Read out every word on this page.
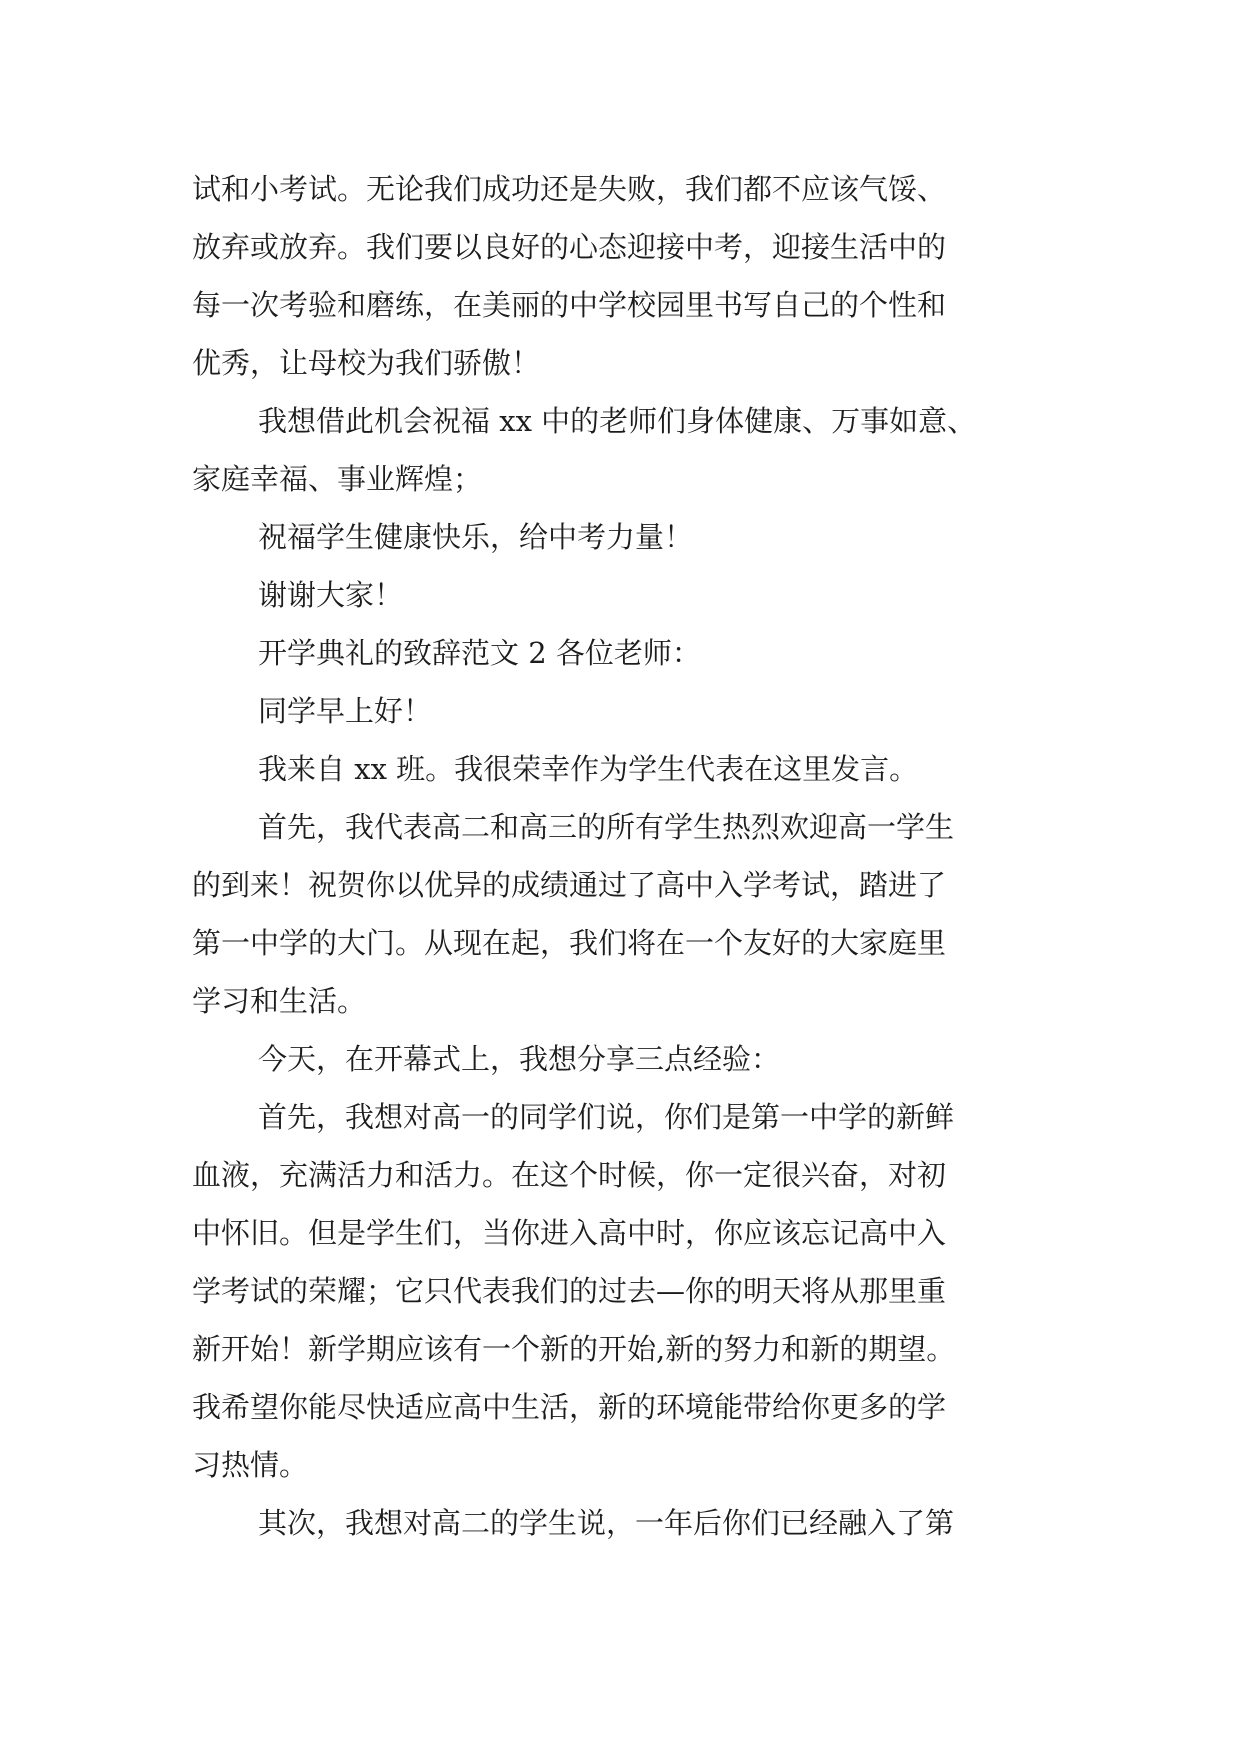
试和小考试。无论我们成功还是失败，我们都不应该气馁、
放弃或放弃。我们要以良好的心态迎接中考，迎接生活中的
每一次考验和磨练，在美丽的中学校园里书写自己的个性和
优秀，让母校为我们骄傲！

我想借此机会祝福 xx 中的老师们身体健康、万事如意、
家庭幸福、事业辉煌；

祝福学生健康快乐，给中考力量！

谢谢大家！

开学典礼的致辞范文 2 各位老师：

同学早上好！

我来自 xx 班。我很荣幸作为学生代表在这里发言。

首先，我代表高二和高三的所有学生热烈欢迎高一学生
的到来！祝贺你以优异的成绩通过了高中入学考试，踏进了
第一中学的大门。从现在起，我们将在一个友好的大家庭里
学习和生活。

今天，在开幕式上，我想分享三点经验：

首先，我想对高一的同学们说，你们是第一中学的新鲜
血液，充满活力和活力。在这个时候，你一定很兴奋，对初
中怀旧。但是学生们，当你进入高中时，你应该忘记高中入
学考试的荣耀；它只代表我们的过去—你的明天将从那里重
新开始！新学期应该有一个新的开始,新的努力和新的期望。
我希望你能尽快适应高中生活，新的环境能带给你更多的学
习热情。

其次，我想对高二的学生说，一年后你们已经融入了第
